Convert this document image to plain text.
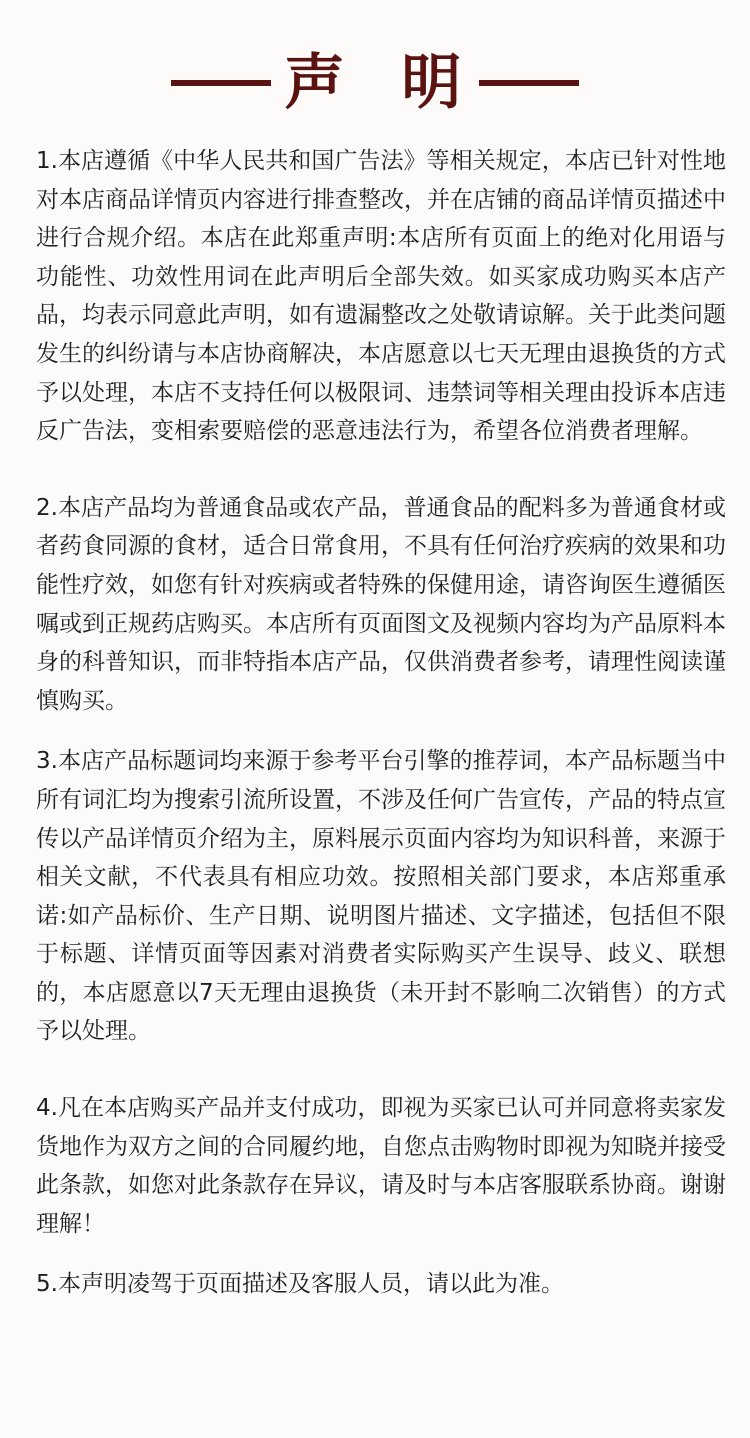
声 明

1.本店遵循《中华人民共和国广告法》等相关规定，本店已针对性地对本店商品详情页内容进行排查整改，并在店铺的商品详情页描述中进行合规介绍。本店在此郑重声明:本店所有页面上的绝对化用语与功能性、功效性用词在此声明后全部失效。如买家成功购买本店产品，均表示同意此声明，如有遗漏整改之处敬请谅解。关于此类问题发生的纠纷请与本店协商解决，本店愿意以七天无理由退换货的方式予以处理，本店不支持任何以极限词、违禁词等相关理由投诉本店违反广告法，变相索要赔偿的恶意违法行为，希望各位消费者理解。

2.本店产品均为普通食品或农产品，普通食品的配料多为普通食材或者药食同源的食材，适合日常食用，不具有任何治疗疾病的效果和功能性疗效，如您有针对疾病或者特殊的保健用途，请咨询医生遵循医嘱或到正规药店购买。本店所有页面图文及视频内容均为产品原料本身的科普知识，而非特指本店产品，仅供消费者参考，请理性阅读谨慎购买。

3.本店产品标题词均来源于参考平台引擎的推荐词，本产品标题当中所有词汇均为搜索引流所设置，不涉及任何广告宣传，产品的特点宣传以产品详情页介绍为主，原料展示页面内容均为知识科普，来源于相关文献，不代表具有相应功效。按照相关部门要求，本店郑重承诺:如产品标价、生产日期、说明图片描述、文字描述，包括但不限于标题、详情页面等因素对消费者实际购买产生误导、歧义、联想的，本店愿意以7天无理由退换货（未开封不影响二次销售）的方式予以处理。

4.凡在本店购买产品并支付成功，即视为买家已认可并同意将卖家发货地作为双方之间的合同履约地，自您点击购物时即视为知晓并接受此条款，如您对此条款存在异议，请及时与本店客服联系协商。谢谢理解！

5.本声明凌驾于页面描述及客服人员，请以此为准。
